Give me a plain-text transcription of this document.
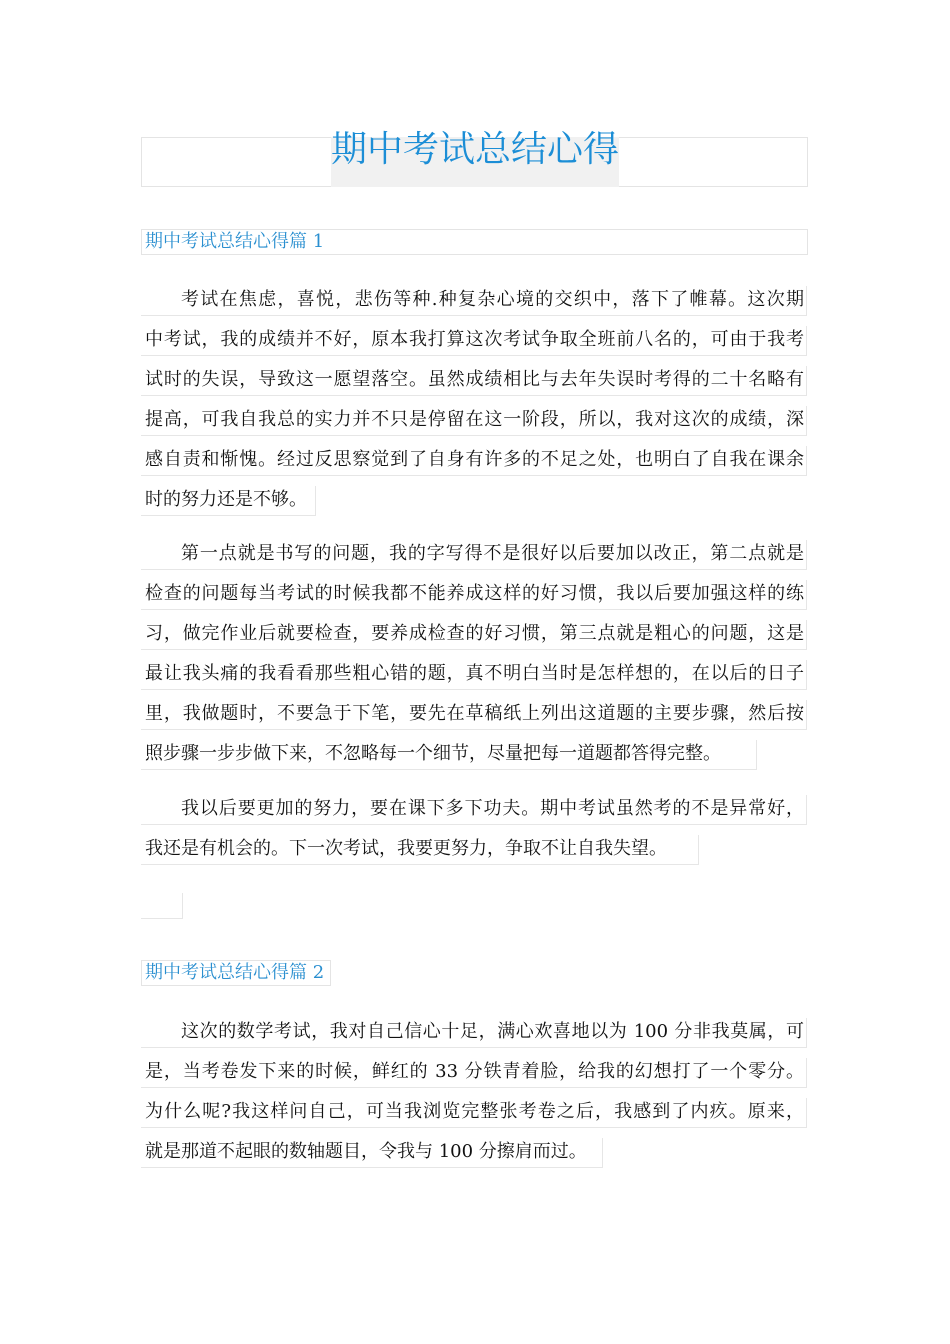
期中考试总结心得
期中考试总结心得篇 1
考试在焦虑，喜悦，悲伤等种.种复杂心境的交织中，落下了帷幕。这次期
中考试，我的成绩并不好，原本我打算这次考试争取全班前八名的，可由于我考
试时的失误，导致这一愿望落空。虽然成绩相比与去年失误时考得的二十名略有
提高，可我自我总的实力并不只是停留在这一阶段，所以，我对这次的成绩，深
感自责和惭愧。经过反思察觉到了自身有许多的不足之处，也明白了自我在课余
时的努力还是不够。
第一点就是书写的问题，我的字写得不是很好以后要加以改正，第二点就是
检查的问题每当考试的时候我都不能养成这样的好习惯，我以后要加强这样的练
习，做完作业后就要检查，要养成检查的好习惯，第三点就是粗心的问题，这是
最让我头痛的我看看那些粗心错的题，真不明白当时是怎样想的，在以后的日子
里，我做题时，不要急于下笔，要先在草稿纸上列出这道题的主要步骤，然后按
照步骤一步步做下来，不忽略每一个细节，尽量把每一道题都答得完整。
我以后要更加的努力，要在课下多下功夫。期中考试虽然考的不是异常好，
我还是有机会的。下一次考试，我要更努力，争取不让自我失望。
期中考试总结心得篇 2
这次的数学考试，我对自己信心十足，满心欢喜地以为 100 分非我莫属，可
是，当考卷发下来的时候，鲜红的 33 分铁青着脸，给我的幻想打了一个零分。
为什么呢?我这样问自己，可当我浏览完整张考卷之后，我感到了内疚。原来，
就是那道不起眼的数轴题目，令我与 100 分擦肩而过。
